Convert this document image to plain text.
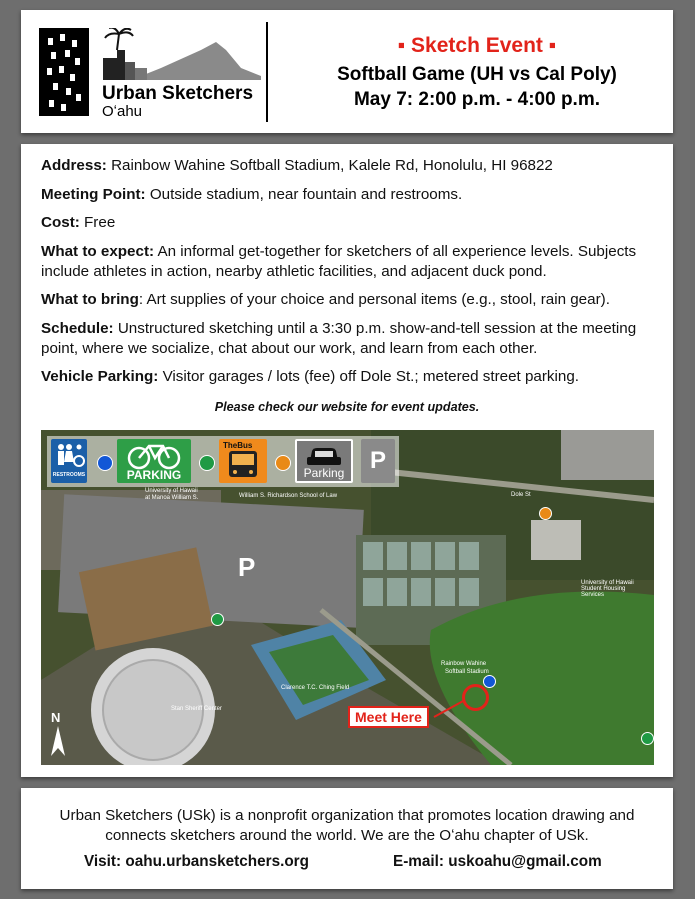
Urban Sketchers
Oʻahu
▪ Sketch Event ▪
Softball Game (UH vs Cal Poly)
May 7: 2:00 p.m. - 4:00 p.m.

Address: Rainbow Wahine Softball Stadium, Kalele Rd, Honolulu, HI 96822

Meeting Point: Outside stadium, near fountain and restrooms.

Cost: Free

What to expect: An informal get-together for sketchers of all experience levels. Subjects include athletes in action, nearby athletic facilities, and adjacent duck pond.

What to bring: Art supplies of your choice and personal items (e.g., stool, rain gear).

Schedule: Unstructured sketching until a 3:30 p.m. show-and-tell session at the meeting point, where we socialize, chat about our work, and learn from each other.

Vehicle Parking: Visitor garages / lots (fee) off Dole St.; metered street parking.

Please check our website for event updates.
RESTROOMS	PARKING
TheBus
Parking	P
P
Rainbow Wahine
Softball Stadium
Clarence T.C. Ching Field
Stan Sheriff Center
University of Hawaii Student Housing Services
Dole St
University of Hawaii
at Manoa William S.	William S. Richardson School of Law
Meet Here
N
Urban Sketchers (USk) is a nonprofit organization that promotes location drawing and
connects sketchers around the world. We are the Oʻahu chapter of USk.
Visit: oahu.urbansketchers.org	E-mail: uskoahu@gmail.com
